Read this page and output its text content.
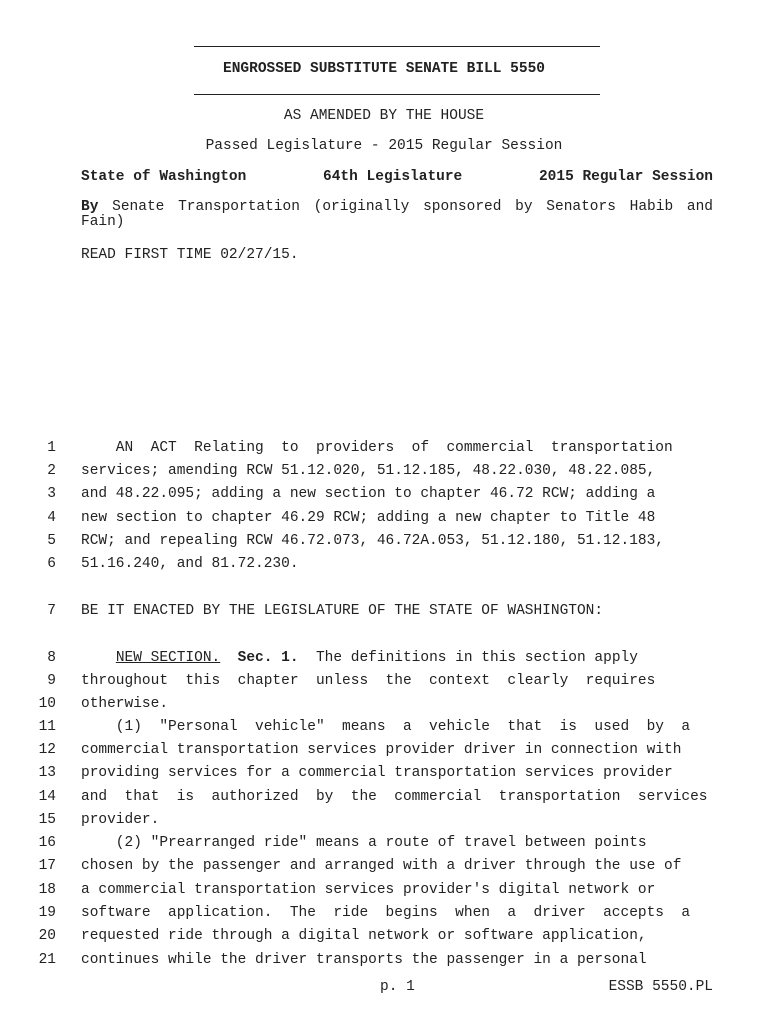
ENGROSSED SUBSTITUTE SENATE BILL 5550
AS AMENDED BY THE HOUSE
Passed Legislature - 2015 Regular Session
State of Washington	64th Legislature	2015 Regular Session
By Senate Transportation (originally sponsored by Senators Habib and Fain)
READ FIRST TIME 02/27/15.
1 AN  ACT  Relating  to  providers  of  commercial  transportation
2 services; amending RCW 51.12.020, 51.12.185, 48.22.030, 48.22.085,
3 and 48.22.095; adding a new section to chapter 46.72 RCW; adding a
4 new section to chapter 46.29 RCW; adding a new chapter to Title 48
5 RCW; and repealing RCW 46.72.073, 46.72A.053, 51.12.180, 51.12.183,
6 51.16.240, and 81.72.230.
7 BE IT ENACTED BY THE LEGISLATURE OF THE STATE OF WASHINGTON:
8	NEW SECTION. Sec. 1.  The definitions in this section apply
9 throughout  this  chapter  unless  the  context  clearly  requires
10 otherwise.
11 (1)  "Personal  vehicle"  means  a  vehicle  that  is  used  by  a
12 commercial transportation services provider driver in connection with
13 providing services for a commercial transportation services provider
14 and  that  is  authorized  by  the  commercial  transportation  services
15 provider.
16 (2) "Prearranged ride" means a route of travel between points
17 chosen by the passenger and arranged with a driver through the use of
18 a commercial transportation services provider's digital network or
19 software  application.  The  ride  begins  when  a  driver  accepts  a
20 requested ride through a digital network or software application,
21 continues while the driver transports the passenger in a personal
p. 1	ESSB 5550.PL
